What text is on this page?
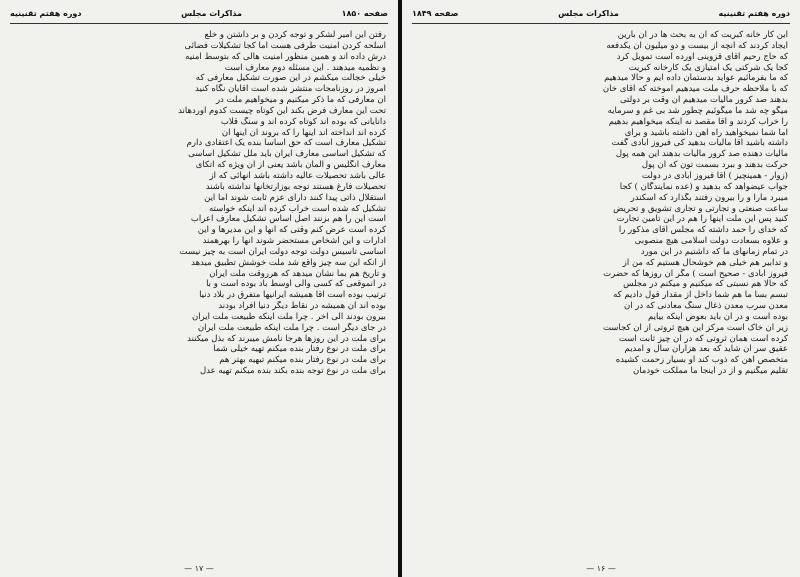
صفحه ۱۸۵۰
مذاکرات مجلس
دوره هفتم تقنینیه
رفتن این امیر لشکر و توجه کردن و بر داشتن و خلع
اسلحه کردن امنیت طرفی هست اما کجا تشکیلات فضائی
درش داده اند و همین منظور امنیت هالی که بتوسط امنیه
و نظمیه میدهند . این مسئله دوم معارف است
خیلی خجالت میکشم در این صورت تشکیل معارفی که
امروز در روزنامجات منتشر شده است آقایان نگاه کنید
آن معارفی که ما ذکر میکنیم و میخواهیم ملت در
تحت این معارف فرض بکند این کوتاه چیست کدوم آوردهاند
دانایانی که بوده اند کوتاه کرده اند و سنگ قلاب
کرده اند انداخته اند اینها را که بروند آن اینها آن
تشکیل معارف است که حق اساسا بنده یک اعتقادی دارم
که تشکیل اساسی معارف ایران باید ملل تشکیل اساسی
معارف انگلیس و آلمان باشد یعنی از آن ویژه که اتکای
عالی باشد تحصیلات عالیه داشته باشد آنهائی که از
تحصیلات فارغ هستند توجه بوزارتخانها نداشته باشند
استقلال ذاتی پیدا کنند دارای عزم ثابت شوند اما این
تشکیل که شده است خراب کرده اند اینکه خواسته
است این را هم بزنند اصل اساس تشکیل معارف اعراب
کرده است عرض کنم وقتی که آنها و این مدیرها و این
ادارات و این اشخاص مستحضر شوند آنها را بهرهمند
اساسی تاسیس دولت توجه دولت ایران است به چیز نیست
از آنکه این سه چیز واقع شد ملت خوشش تطبیق میدهد
و تاریخ هم بما نشان میدهد که هرروقت ملت ایران
در آنموقعی که کسی والی اوسط باد بوده است و با
ترتیب بوده است آقا همیشه ایرانیها متفرق در بلاد دنیا
بوده اند آن همیشه در نقاط دیگر دنیا افراد بودند
بیرون بودند الی آخر . چرا ملت اینکه طبیعت ملت ایران
در جای دیگر است . چرا ملت اینکه طبیعت ملت ایران
برای ملت در این روزها هرجا نامش میبرند که بذل میکنند
برای ملت در نوع رفتار بنده میکنم تهیه خیلی شما
برای ملت در نوع رفتار بنده میکنم تبهیه بهتر هم
برای ملت در نوع توجه بنده بکند بنده میکنم تهیه عدل
— ۱۷ —
دوره هفتم تقنینیه
مذاکرات مجلس
صفحه ۱۸۴۹
این کار خانه کبریت که آن به بحث ها در آن بارین
ایجاد کردند که آنچه از بیست و دو میلیون آن یکدفعه
که حاج رحیم آقای قزوینی آورده است تمویل کرد
کجا یک شرکتی یک امتیازی یک کارخانه کبریت
که ما بفرمائیم عواید بدستمان داده ایم و حالا میدهیم
که با ملاحظه حرف ملت میدهیم آموخته که آقای خان
بدهند صد کرور مالیات میدهیم آن وقت بر دولتی
میگو چه شد ما میگوئیم چطور شد بی غم و سرمایه
را خراب کردند و آقا مقصد نه اینکه میخواهیم بدهیم
اما شما نمیخواهید راه آهن داشته باشید و برای
داشته باشید آقا مالیات بدهید کی فیروز آبادی گفت
مالیات دهنده صد کرور مالیات بدهند این همه پول
حرکت بدهند و ببرد بسمت تون که آن پول
(زوار - همینچیز ) آقا فیروز آبادی در دولت
جواب عیضواهد که بدهید و (عده نمایندگان ) کجا
میبرد مارا و را بیرون رفتند بگذارد که اسکندر
ساعت صنعتی و تجارتی و تجاری تشویق و تحریض
کنید پس این ملت اینها را هم در این تامین تجارت
که خدای را حمد داشته که مجلس آقای مذکور را
و علاوه بسعادت دولت اسلامی هیچ منصوبی
در تمام زمانهای ما که داشتیم در این مورد
و تدابیر هم خیلی هم خوشحال هستیم که من از
فیروز آبادی - صحیح است ) مگر آن روزها که حضرت
که حالا هم نسبتی که میکنیم و میکنم در مجلس
تبسم بسا ما هم شما داخل از مقدار قول دادیم که
معدن سرب معدن ذغال سنگ معادنی که در آن
بوده است و در آن باید بعوض اینکه بیایم
زیر آن خاک است مرکز این هیچ ثروتی از آن کجاست
کرده است همان ثروتی که در آن چیز ثابت است
عقیق سر آن شاید که بعد هزاران سال و آمدیم
متخصص آهن که ذوب کند او بسیار زحمت کشیده
تقلیم میگنیم و از در اینجا ما مملکت خودمان
— ۱۶ —
